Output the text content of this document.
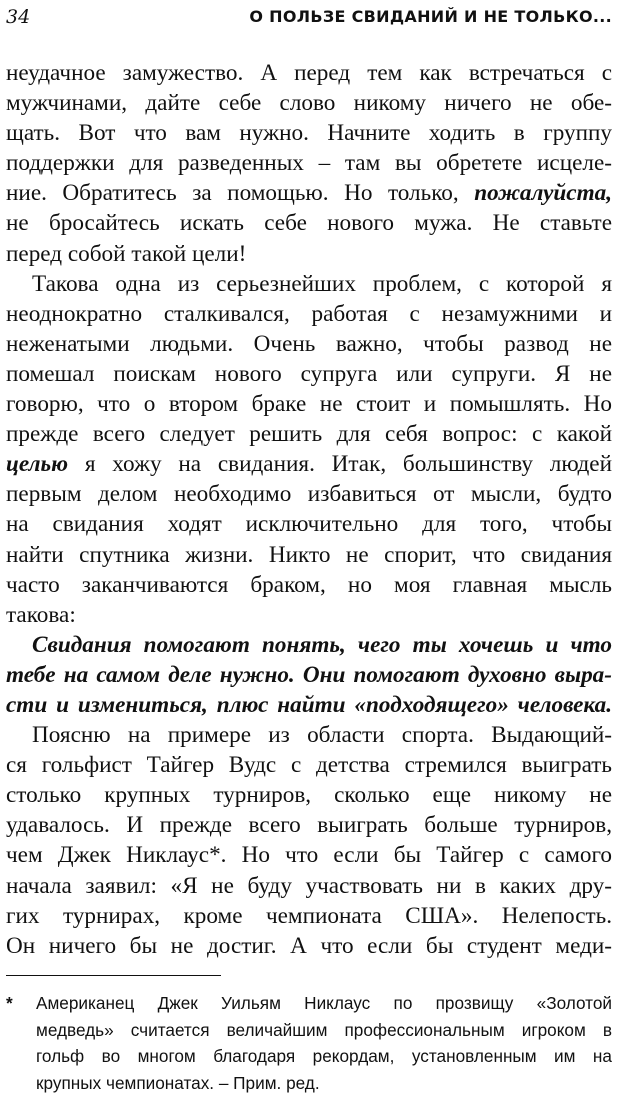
34	О ПОЛЬЗЕ СВИДАНИЙ И НЕ ТОЛЬКО...
неудачное замужество. А перед тем как встречаться с
мужчинами, дайте себе слово никому ничего не обе-
щать. Вот что вам нужно. Начните ходить в группу
поддержки для разведенных – там вы обретете исцеле-
ние. Обратитесь за помощью. Но только, пожалуйста,
не бросайтесь искать себе нового мужа. Не ставьте
перед собой такой цели!
Такова одна из серьезнейших проблем, с которой я
неоднократно сталкивался, работая с незамужними и
неженатыми людьми. Очень важно, чтобы развод не
помешал поискам нового супруга или супруги. Я не
говорю, что о втором браке не стоит и помышлять. Но
прежде всего следует решить для себя вопрос: с какой
целью я хожу на свидания. Итак, большинству людей
первым делом необходимо избавиться от мысли, будто
на свидания ходят исключительно для того, чтобы
найти спутника жизни. Никто не спорит, что свидания
часто заканчиваются браком, но моя главная мысль
такова:
Свидания помогают понять, чего ты хочешь и что
тебе на самом деле нужно. Они помогают духовно выра-
сти и измениться, плюс найти «подходящего» человека.
Поясню на примере из области спорта. Выдающий-
ся гольфист Тайгер Вудс с детства стремился выиграть
столько крупных турниров, сколько еще никому не
удавалось. И прежде всего выиграть больше турниров,
чем Джек Никлаус*. Но что если бы Тайгер с самого
начала заявил: «Я не буду участвовать ни в каких дру-
гих турнирах, кроме чемпионата США». Нелепость.
Он ничего бы не достиг. А что если бы студент меди-
* Американец Джек Уильям Никлаус по прозвищу «Золотой
медведь» считается величайшим профессиональным игроком в
гольф во многом благодаря рекордам, установленным им на
крупных чемпионатах. – Прим. ред.
